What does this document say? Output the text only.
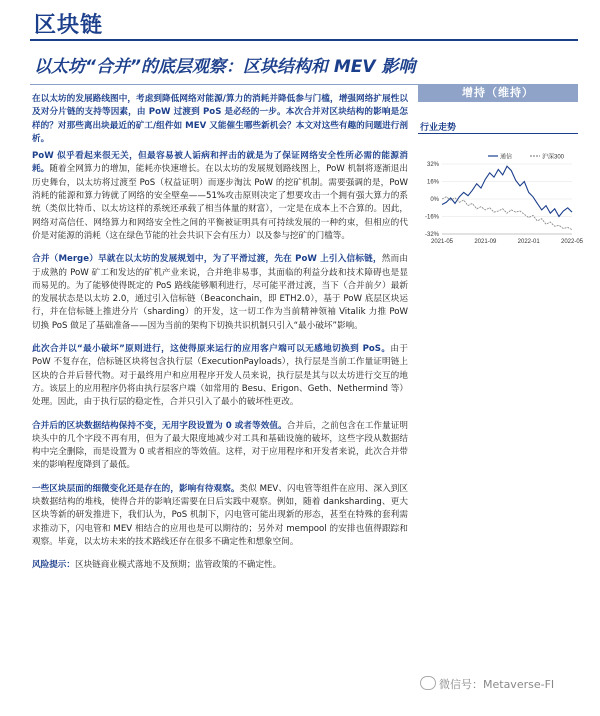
区块链
以太坊“合并”的底层观察：区块结构和 MEV 影响
增持（维持）
行业走势
通信	沪深300
32%
16%
0%
-16%
-32%
2021-05	2021-09	2022-01	2022-05

在以太坊的发展路线图中，考虑到降低网络对能源/算力的消耗并降低参与门槛，增强网络扩展性以及对分片链的支持等因素，由 PoW 过渡到 PoS 是必经的一步。本次合并对区块结构的影响是怎样的？对那些离出块最近的矿工/组件如 MEV 又能催生哪些新机会？本文对这些有趣的问题进行剖析。

PoW 似乎看起来很无关，但最容易被人诟病和抨击的就是为了保证网络安全性所必需的能源消耗。随着全网算力的增加，能耗亦快速增长。在以太坊的发展规划路线图上，PoW 机制将逐渐退出历史舞台，以太坊将过渡至 PoS（权益证明）而逐步淘汰 PoW 的挖矿机制。需要强调的是，PoW 消耗的能源和算力铸就了网络的安全壁垒——51%攻击原则决定了想要攻击一个拥有强大算力的系统（类似比特币、以太坊这样的系统还承载了相当体量的财富），一定是在成本上不合算的。因此，网络对高信任、网络算力和网络安全性之间的平衡被证明具有可持续发展的一种约束，但相应的代价是对能源的消耗（这在绿色节能的社会共识下会有压力）以及参与挖矿的门槛等。

合并（Merge）早就在以太坊的发展规划中，为了平滑过渡，先在 PoW 上引入信标链，然而由于成熟的 PoW 矿工和发达的矿机产业来说，合并绝非易事，其面临的利益分歧和技术障碍也是显而易见的。为了能够使得既定的 PoS 路线能够顺利进行，尽可能平滑过渡，当下（合并前夕）最新的发展状态是以太坊 2.0，通过引入信标链（Beaconchain，即 ETH2.0），基于 PoW 底层区块运行，并在信标链上推进分片（sharding）的开发，这一切工作为当前精神领袖 Vitalik 力推 PoW 切换 PoS 做足了基础准备——因为当前的架构下切换共识机制只引入“最小破坏”影响。

此次合并以“最小破坏”原则进行，这使得原来运行的应用客户端可以无感地切换到 PoS。由于 PoW 不复存在，信标链区块将包含执行层（ExecutionPayloads），执行层是当前工作量证明链上区块的合并后替代物。对于最终用户和应用程序开发人员来说，执行层是其与以太坊进行交互的地方。该层上的应用程序仍将由执行层客户端（如常用的 Besu、Erigon、Geth、Nethermind 等）处理。因此，由于执行层的稳定性，合并只引入了最小的破坏性更改。

合并后的区块数据结构保持不变，无用字段设置为 0 或者等效值。合并后，之前包含在工作量证明块头中的几个字段不再有用，但为了最大限度地减少对工具和基础设施的破坏，这些字段从数据结构中完全删除，而是设置为 0 或者相应的等效值。这样，对于应用程序和开发者来说，此次合并带来的影响程度降到了最低。

一些区块层面的细微变化还是存在的，影响有待观察。类似 MEV、闪电管等组件在应用、深入到区块数据结构的堆栈，使得合并的影响还需要在日后实践中观察。例如，随着 danksharding、更大区块等新的研发推进下，我们认为，PoS 机制下，闪电管可能出现新的形态，甚至在特殊的套利需求推动下，闪电管和 MEV 相结合的应用也是可以期待的；另外对 mempool 的安排也值得跟踪和观察。毕竟，以太坊未来的技术路线还存在很多不确定性和想象空间。

风险提示：区块链商业模式落地不及预期；监管政策的不确定性。
微信号：Metaverse-FI
